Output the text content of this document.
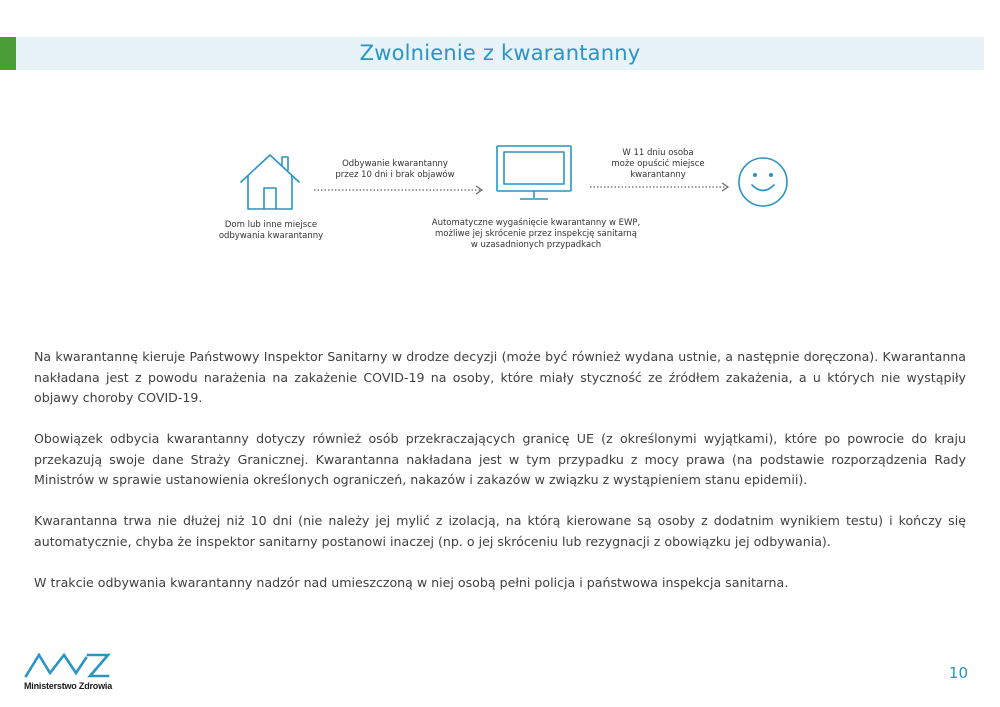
Zwolnienie z kwarantanny
Dom lub inne miejsce
odbywania kwarantanny
Odbywanie kwarantanny
przez 10 dni i brak objawów
Automatyczne wygaśnięcie kwarantanny w EWP,
możliwe jej skrócenie przez inspekcję sanitarną
w uzasadnionych przypadkach
W 11 dniu osoba
może opuścić miejsce
kwarantanny

Na kwarantannę kieruje Państwowy Inspektor Sanitarny w drodze decyzji (może być również wydana ustnie, a następnie doręczona). Kwarantanna nakładana jest z powodu narażenia na zakażenie COVID-19 na osoby, które miały styczność ze źródłem zakażenia, a u których nie wystąpiły objawy choroby COVID-19.

Obowiązek odbycia kwarantanny dotyczy również osób przekraczających granicę UE (z określonymi wyjątkami), które po powrocie do kraju przekazują swoje dane Straży Granicznej. Kwarantanna nakładana jest w tym przypadku z mocy prawa (na podstawie rozporządzenia Rady Ministrów w sprawie ustanowienia określonych ograniczeń, nakazów i zakazów w związku z wystąpieniem stanu epidemii).

Kwarantanna trwa nie dłużej niż 10 dni (nie należy jej mylić z izolacją, na którą kierowane są osoby z dodatnim wynikiem testu) i kończy się automatycznie, chyba że inspektor sanitarny postanowi inaczej (np. o jej skróceniu lub rezygnacji z obowiązku jej odbywania).

W trakcie odbywania kwarantanny nadzór nad umieszczoną w niej osobą pełni policja i państwowa inspekcja sanitarna.

Ministerstwo Zdrowia
10
